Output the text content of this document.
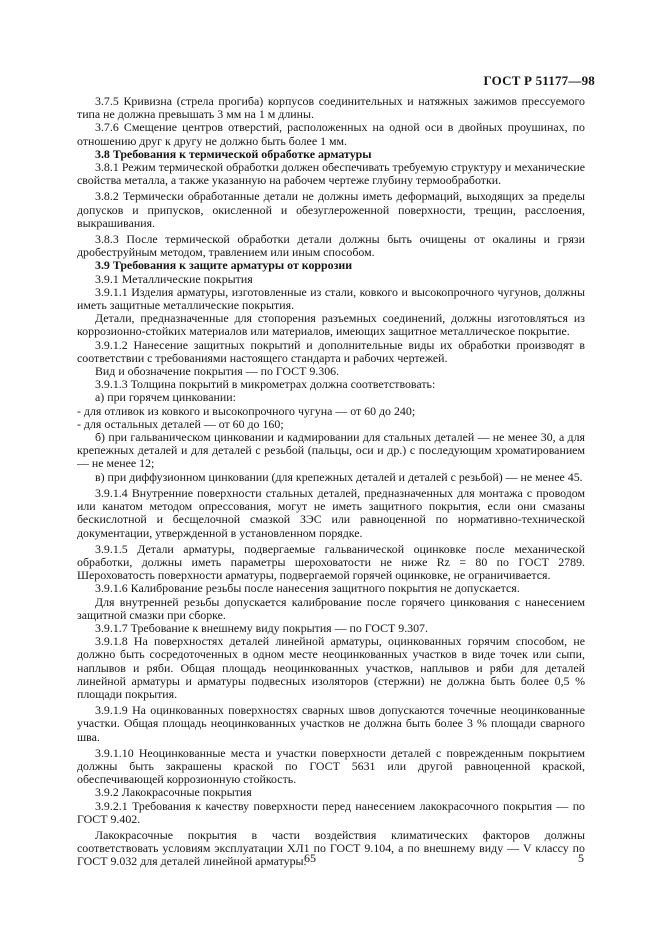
ГОСТ Р 51177—98

3.7.5 Кривизна (стрела прогиба) корпусов соединительных и натяжных зажимов прессуемого типа не должна превышать 3 мм на 1 м длины.

3.7.6 Смещение центров отверстий, расположенных на одной оси в двойных проушинах, по отношению друг к другу не должно быть более 1 мм.

3.8 Требования к термической обработке арматуры

3.8.1 Режим термической обработки должен обеспечивать требуемую структуру и механические свойства металла, а также указанную на рабочем чертеже глубину термообработки.

3.8.2 Термически обработанные детали не должны иметь деформаций, выходящих за пределы допусков и припусков, окисленной и обезуглероженной поверхности, трещин, расслоения, выкрашивания.

3.8.3 После термической обработки детали должны быть очищены от окалины и грязи дробеструйным методом, травлением или иным способом.

3.9 Требования к защите арматуры от коррозии

3.9.1 Металлические покрытия

3.9.1.1 Изделия арматуры, изготовленные из стали, ковкого и высокопрочного чугунов, должны иметь защитные металлические покрытия.

Детали, предназначенные для стопорения разъемных соединений, должны изготовляться из коррозионно-стойких материалов или материалов, имеющих защитное металлическое покрытие.

3.9.1.2 Нанесение защитных покрытий и дополнительные виды их обработки производят в соответствии с требованиями настоящего стандарта и рабочих чертежей.

Вид и обозначение покрытия — по ГОСТ 9.306.

3.9.1.3 Толщина покрытий в микрометрах должна соответствовать:

а) при горячем цинковании:

- для отливок из ковкого и высокопрочного чугуна — от 60 до 240;

- для остальных деталей — от 60 до 160;

б) при гальваническом цинковании и кадмировании для стальных деталей — не менее 30, а для крепежных деталей и для деталей с резьбой (пальцы, оси и др.) с последующим хроматированием — не менее 12;

в) при диффузионном цинковании (для крепежных деталей и деталей с резьбой) — не менее 45.

3.9.1.4 Внутренние поверхности стальных деталей, предназначенных для монтажа с проводом или канатом методом опрессования, могут не иметь защитного покрытия, если они смазаны бескислотной и бесщелочной смазкой ЗЭС или равноценной по нормативно-технической документации, утвержденной в установленном порядке.

3.9.1.5 Детали арматуры, подвергаемые гальванической оцинковке после механической обработки, должны иметь параметры шероховатости не ниже Rz = 80 по ГОСТ 2789. Шероховатость поверхности арматуры, подвергаемой горячей оцинковке, не ограничивается.

3.9.1.6 Калибрование резьбы после нанесения защитного покрытия не допускается.

Для внутренней резьбы допускается калибрование после горячего цинкования с нанесением защитной смазки при сборке.

3.9.1.7 Требование к внешнему виду покрытия — по ГОСТ 9.307.

3.9.1.8 На поверхностях деталей линейной арматуры, оцинкованных горячим способом, не должно быть сосредоточенных в одном месте неоцинкованных участков в виде точек или сыпи, наплывов и ряби. Общая площадь неоцинкованных участков, наплывов и ряби для деталей линейной арматуры и арматуры подвесных изоляторов (стержни) не должна быть более 0,5 % площади покрытия.

3.9.1.9 На оцинкованных поверхностях сварных швов допускаются точечные неоцинкованные участки. Общая площадь неоцинкованных участков не должна быть более 3 % площади сварного шва.

3.9.1.10 Неоцинкованные места и участки поверхности деталей с поврежденным покрытием должны быть закрашены краской по ГОСТ 5631 или другой равноценной краской, обеспечивающей коррозионную стойкость.

3.9.2 Лакокрасочные покрытия

3.9.2.1 Требования к качеству поверхности перед нанесением лакокрасочного покрытия — по ГОСТ 9.402.

Лакокрасочные покрытия в части воздействия климатических факторов должны соответствовать условиям эксплуатации ХЛ1 по ГОСТ 9.104, а по внешнему виду — V классу по ГОСТ 9.032 для деталей линейной арматуры.

65	5
